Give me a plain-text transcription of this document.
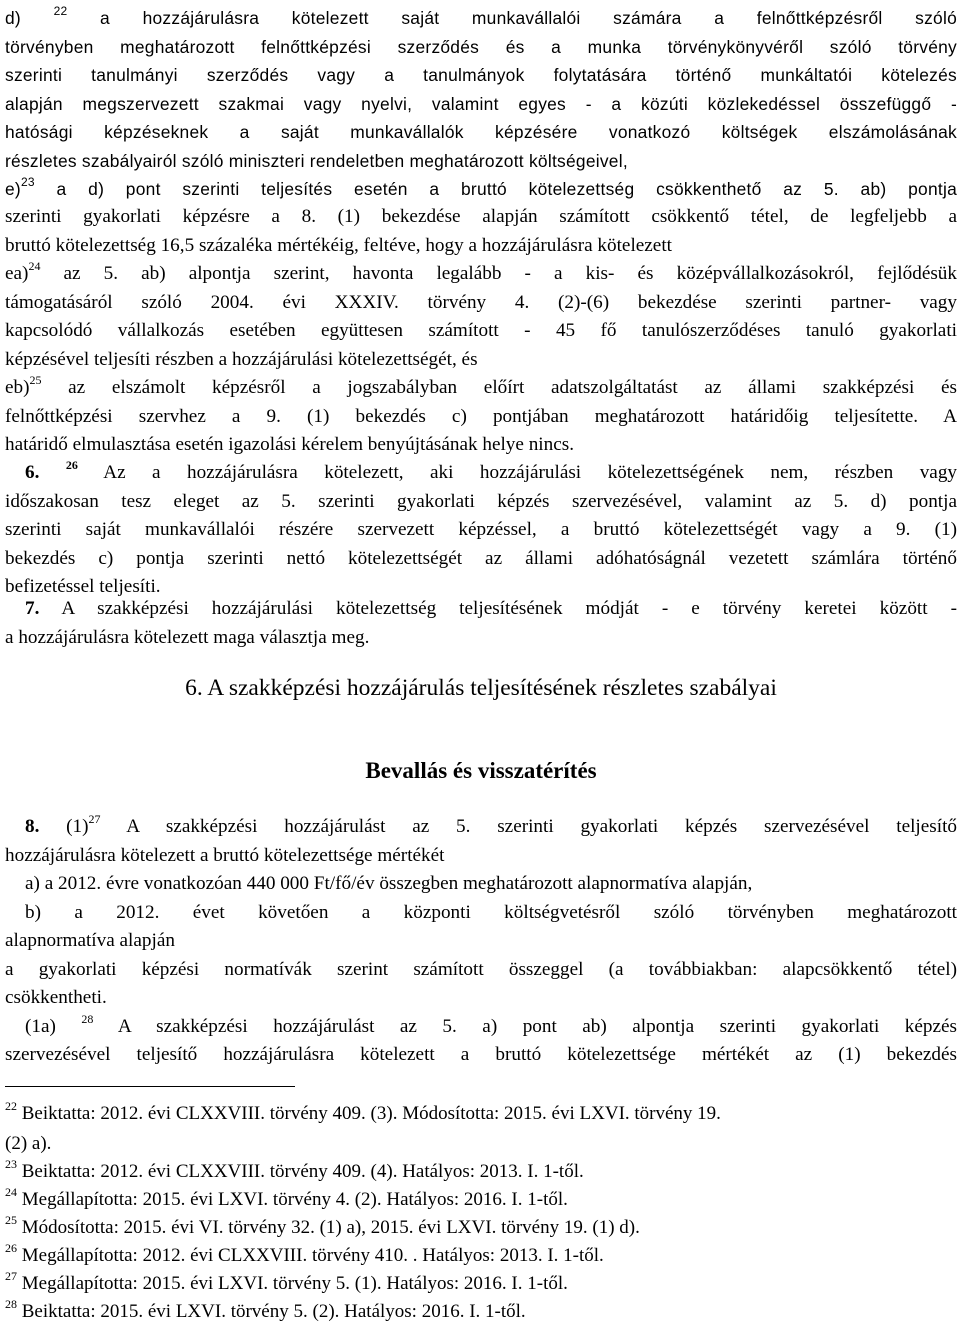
d) $^{22}$ a hozzájárulásra kötelezett saját munkavállalói számára a felnőttképzésről szóló

törvényben meghatározott felnőttképzési szerződés és a munka törvénykönyvéről szóló törvény

szerinti tanulmányi szerződés vagy a tanulmányok folytatására történő munkáltatói kötelezés

alapján megszervezett szakmai vagy nyelvi, valamint egyes - a közúti közlekedéssel összefüggő -

hatósági képzéseknek a saját munkavállalók képzésére vonatkozó költségek elszámolásának

részletes szabályairól szóló miniszteri rendeletben meghatározott költségeivel,

e)$^{23}$ a d) pont szerinti teljesítés esetén a bruttó kötelezettség csökkenthető az 5. ab) pontja

szerinti gyakorlati képzésre a 8. (1) bekezdése alapján számított csökkentő tétel, de legfeljebb a

bruttó kötelezettség 16,5 százaléka mértékéig, feltéve, hogy a hozzájárulásra kötelezett

ea)$^{24}$ az 5. ab) alpontja szerint, havonta legalább - a kis- és középvállalkozásokról, fejlődésük

támogatásáról szóló 2004. évi XXXIV. törvény 4. (2)-(6) bekezdése szerinti partner- vagy

kapcsolódó vállalkozás esetében együttesen számított - 45 fő tanulószerződéses tanuló gyakorlati

képzésével teljesíti részben a hozzájárulási kötelezettségét, és

eb)$^{25}$ az elszámolt képzésről a jogszabályban előírt adatszolgáltatást az állami szakképzési és

felnőttképzési szervhez a 9. (1) bekezdés c) pontjában meghatározott határidőig teljesítette. A

határidő elmulasztása esetén igazolási kérelem benyújtásának helye nincs.

6. $^{26}$ Az a hozzájárulásra kötelezett, aki hozzájárulási kötelezettségének nem, részben vagy

időszakosan tesz eleget az 5. szerinti gyakorlati képzés szervezésével, valamint az 5. d) pontja

szerinti saját munkavállalói részére szervezett képzéssel, a bruttó kötelezettségét vagy a 9. (1)

bekezdés c) pontja szerinti nettó kötelezettségét az állami adóhatóságnál vezetett számlára történő

befizetéssel teljesíti.

7. A szakképzési hozzájárulási kötelezettség teljesítésének módját - e törvény keretei között -

a hozzájárulásra kötelezett maga választja meg.

6. A szakképzési hozzájárulás teljesítésének részletes szabályai
Bevallás és visszatérítés

8. $(1)^{27}$ A szakképzési hozzájárulást az 5. szerinti gyakorlati képzés szervezésével teljesítő

hozzájárulásra kötelezett a bruttó kötelezettsége mértékét

a) a 2012. évre vonatkozóan 440 000 Ft/fő/év összegben meghatározott alapnormatíva alapján,

b) a 2012. évet követően a központi költségvetésről szóló törvényben meghatározott

alapnormatíva alapján

a gyakorlati képzési normatívák szerint számított összeggel (a továbbiakban: alapcsökkentő tétel)

csökkentheti.

(1a) $^{28}$ A szakképzési hozzájárulást az 5. a) pont ab) alpontja szerinti gyakorlati képzés

szervezésével teljesítő hozzájárulásra kötelezett a bruttó kötelezettsége mértékét az (1) bekezdés

$^{22}$ Beiktatta: 2012. évi CLXXVIII. törvény 409. (3). Módosította: 2015. évi LXVI. törvény 19.
(2) a).
$^{23}$ Beiktatta: 2012. évi CLXXVIII. törvény 409. (4). Hatályos: 2013. I. 1-től.
$^{24}$ Megállapította: 2015. évi LXVI. törvény 4. (2). Hatályos: 2016. I. 1-től.
$^{25}$ Módosította: 2015. évi VI. törvény 32. (1) a), 2015. évi LXVI. törvény 19. (1) d).
$^{26}$ Megállapította: 2012. évi CLXXVIII. törvény 410. . Hatályos: 2013. I. 1-től.
$^{27}$ Megállapította: 2015. évi LXVI. törvény 5. (1). Hatályos: 2016. I. 1-től.
$^{28}$ Beiktatta: 2015. évi LXVI. törvény 5. (2). Hatályos: 2016. I. 1-től.
